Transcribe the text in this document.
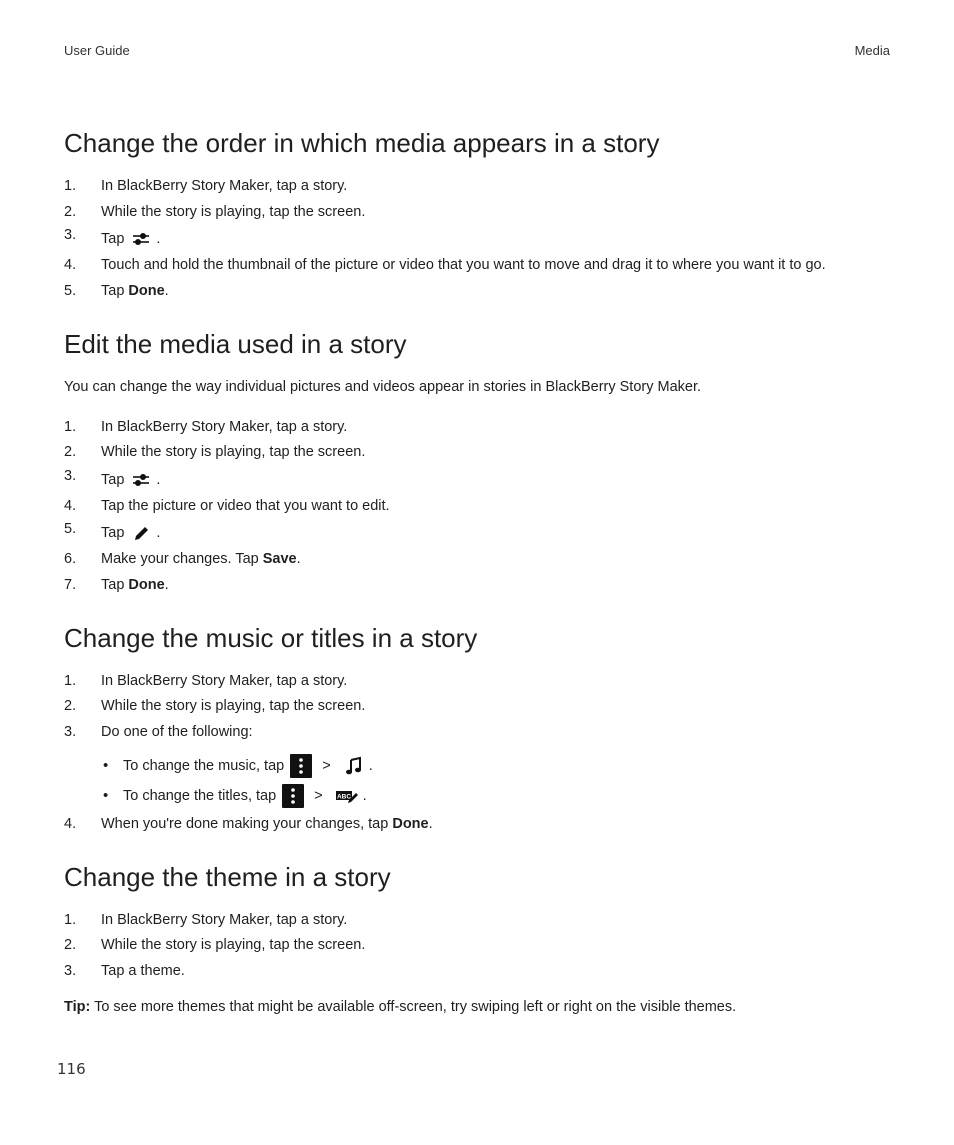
User Guide	Media
Change the order in which media appears in a story
1. In BlackBerry Story Maker, tap a story.
2. While the story is playing, tap the screen.
3. Tap .
4. Touch and hold the thumbnail of the picture or video that you want to move and drag it to where you want it to go.
5. Tap Done.
Edit the media used in a story

You can change the way individual pictures and videos appear in stories in BlackBerry Story Maker.

1. In BlackBerry Story Maker, tap a story.
2. While the story is playing, tap the screen.
3. Tap .
4. Tap the picture or video that you want to edit.
5. Tap .
6. Make your changes. Tap Save.
7. Tap Done.
Change the music or titles in a story
1. In BlackBerry Story Maker, tap a story.
2. While the story is playing, tap the screen.
3. Do one of the following:
• To change the music, tap	>	.
• To change the titles, tap	> ABC .
4. When you're done making your changes, tap Done.
Change the theme in a story
1. In BlackBerry Story Maker, tap a story.
2. While the story is playing, tap the screen.
3. Tap a theme.

Tip: To see more themes that might be available off-screen, try swiping left or right on the visible themes.

116
